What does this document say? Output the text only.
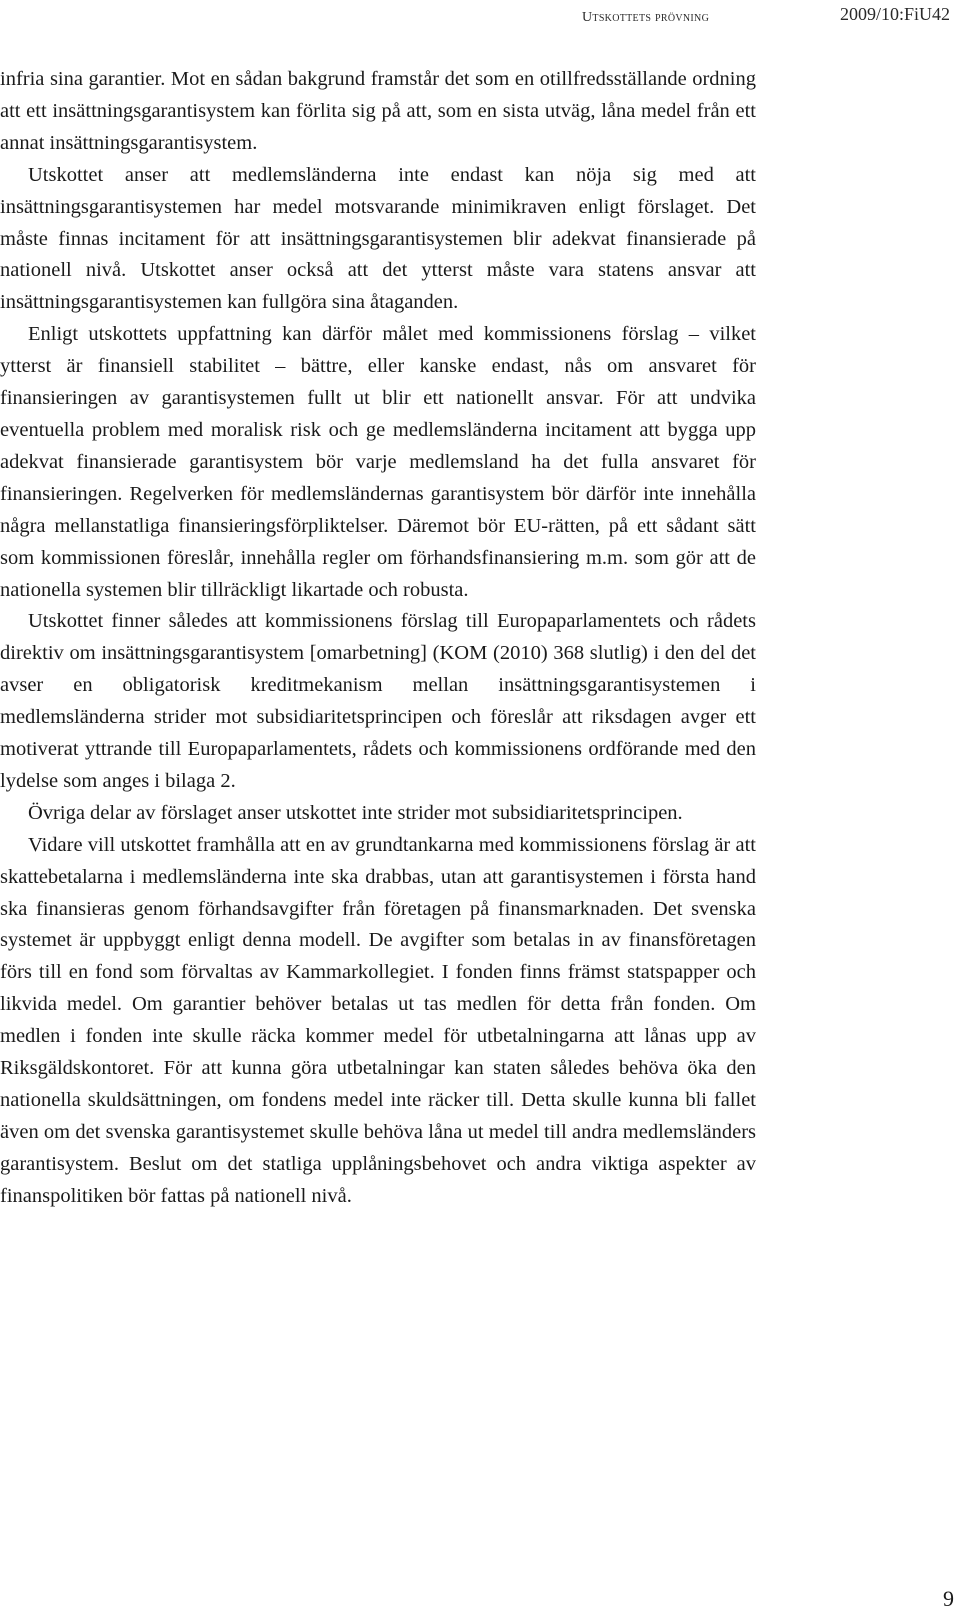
Utskottets prövning	2009/10:FiU42

infria sina garantier. Mot en sådan bakgrund framstår det som en otillfredsställande ordning att ett insättningsgarantisystem kan förlita sig på att, som en sista utväg, låna medel från ett annat insättningsgarantisystem.

Utskottet anser att medlemsländerna inte endast kan nöja sig med att insättningsgarantisystemen har medel motsvarande minimikraven enligt förslaget. Det måste finnas incitament för att insättningsgarantisystemen blir adekvat finansierade på nationell nivå. Utskottet anser också att det ytterst måste vara statens ansvar att insättningsgarantisystemen kan fullgöra sina åtaganden.

Enligt utskottets uppfattning kan därför målet med kommissionens förslag – vilket ytterst är finansiell stabilitet – bättre, eller kanske endast, nås om ansvaret för finansieringen av garantisystemen fullt ut blir ett nationellt ansvar. För att undvika eventuella problem med moralisk risk och ge medlemsländerna incitament att bygga upp adekvat finansierade garantisystem bör varje medlemsland ha det fulla ansvaret för finansieringen. Regelverken för medlemsländernas garantisystem bör därför inte innehålla några mellanstatliga finansieringsförpliktelser. Däremot bör EU-rätten, på ett sådant sätt som kommissionen föreslår, innehålla regler om förhandsfinansiering m.m. som gör att de nationella systemen blir tillräckligt likartade och robusta.

Utskottet finner således att kommissionens förslag till Europaparlamentets och rådets direktiv om insättningsgarantisystem [omarbetning] (KOM (2010) 368 slutlig) i den del det avser en obligatorisk kreditmekanism mellan insättningsgarantisystemen i medlemsländerna strider mot subsidiaritetsprincipen och föreslår att riksdagen avger ett motiverat yttrande till Europaparlamentets, rådets och kommissionens ordförande med den lydelse som anges i bilaga 2.

Övriga delar av förslaget anser utskottet inte strider mot subsidiaritetsprincipen.

Vidare vill utskottet framhålla att en av grundtankarna med kommissionens förslag är att skattebetalarna i medlemsländerna inte ska drabbas, utan att garantisystemen i första hand ska finansieras genom förhandsavgifter från företagen på finansmarknaden. Det svenska systemet är uppbyggt enligt denna modell. De avgifter som betalas in av finansföretagen förs till en fond som förvaltas av Kammarkollegiet. I fonden finns främst statspapper och likvida medel. Om garantier behöver betalas ut tas medlen för detta från fonden. Om medlen i fonden inte skulle räcka kommer medel för utbetalningarna att lånas upp av Riksgäldskontoret. För att kunna göra utbetalningar kan staten således behöva öka den nationella skuldsättningen, om fondens medel inte räcker till. Detta skulle kunna bli fallet även om det svenska garantisystemet skulle behöva låna ut medel till andra medlemsländers garantisystem. Beslut om det statliga upplåningsbehovet och andra viktiga aspekter av finanspolitiken bör fattas på nationell nivå.

9
